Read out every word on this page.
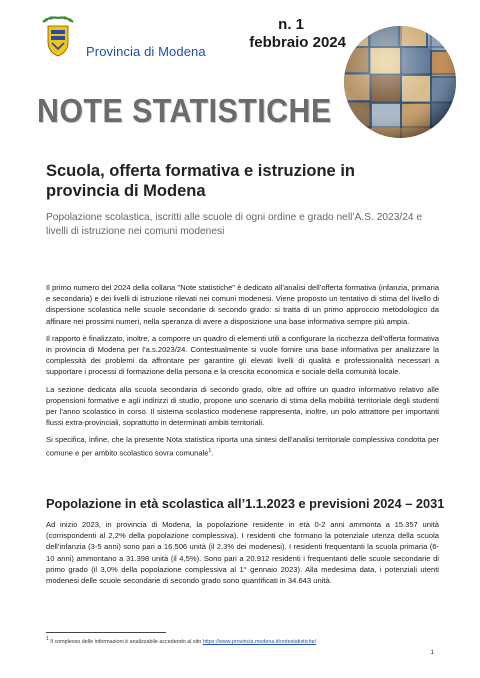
Provincia di Modena
n. 1
febbraio 2024
NOTE STATISTICHE
Scuola, offerta formativa e istruzione in provincia di Modena
Popolazione scolastica, iscritti alle scuole di ogni ordine e grado nell’A.S. 2023/24 e livelli di istruzione nei comuni modenesi

Il primo numero del 2024 della collana "Note statistiche" è dedicato all’analisi dell’offerta formativa (infanzia, primaria e secondaria) e dei livelli di istruzione rilevati nei comuni modenesi. Viene proposto un tentativo di stima del livello di dispersione scolastica nelle scuole secondarie di secondo grado: si tratta di un primo approccio metodologico da affinare nei prossimi numeri, nella speranza di avere a disposizione una base informativa sempre più ampia.

Il rapporto è finalizzato, inoltre, a comporre un quadro di elementi utili a configurare la ricchezza dell’offerta formativa in provincia di Modena per l’a.s.2023/24. Contestualmente si vuole fornire una base informativa per analizzare la complessità dei problemi da affrontare per garantire gli elevati livelli di qualità e professionalità necessari a supportare i processi di formazione della persona e la crescita economica e sociale della comunità locale.

La sezione dedicata alla scuola secondaria di secondo grado, oltre ad offrire un quadro informativo relativo alle propensioni formative e agli indirizzi di studio, propone uno scenario di stima della mobilità territoriale degli studenti per l’anno scolastico in corso. Il sistema scolastico modenese rappresenta, inoltre, un polo attrattore per importanti flussi extra-provinciali, soprattutto in determinati ambiti territoriali.

Si specifica, infine, che la presente Nota statistica riporta una sintesi dell’analisi territoriale complessiva condotta per comune e per ambito scolastico sovra comunale$^1$.

Popolazione in età scolastica all’1.1.2023 e previsioni 2024 – 2031

Ad inizio 2023, in provincia di Modena, la popolazione residente in età 0-2 anni ammonta a 15.357 unità (corrispondenti al 2,2% della popolazione complessiva). I residenti che formano la potenziale utenza della scuola dell’infanzia (3-5 anni) sono pari a 16.506 unità (il 2.3% dei modenesi). I residenti frequentanti la scuola primaria (6-10 anni) ammontano a 31.398 unità (il 4,5%). Sono pari a 20.912 residenti i frequentanti delle scuole secondarie di primo grado (il 3,0% della popolazione complessiva al 1° gennaio 2023). Alla medesima data, i potenziali utenti modenesi delle scuole secondarie di secondo grado sono quantificati in 34.643 unità.

$^1$ Il complesso delle informazioni è analizzabile accedendo al sito https://www.provincia.modena.it/notestatistiche/
1
